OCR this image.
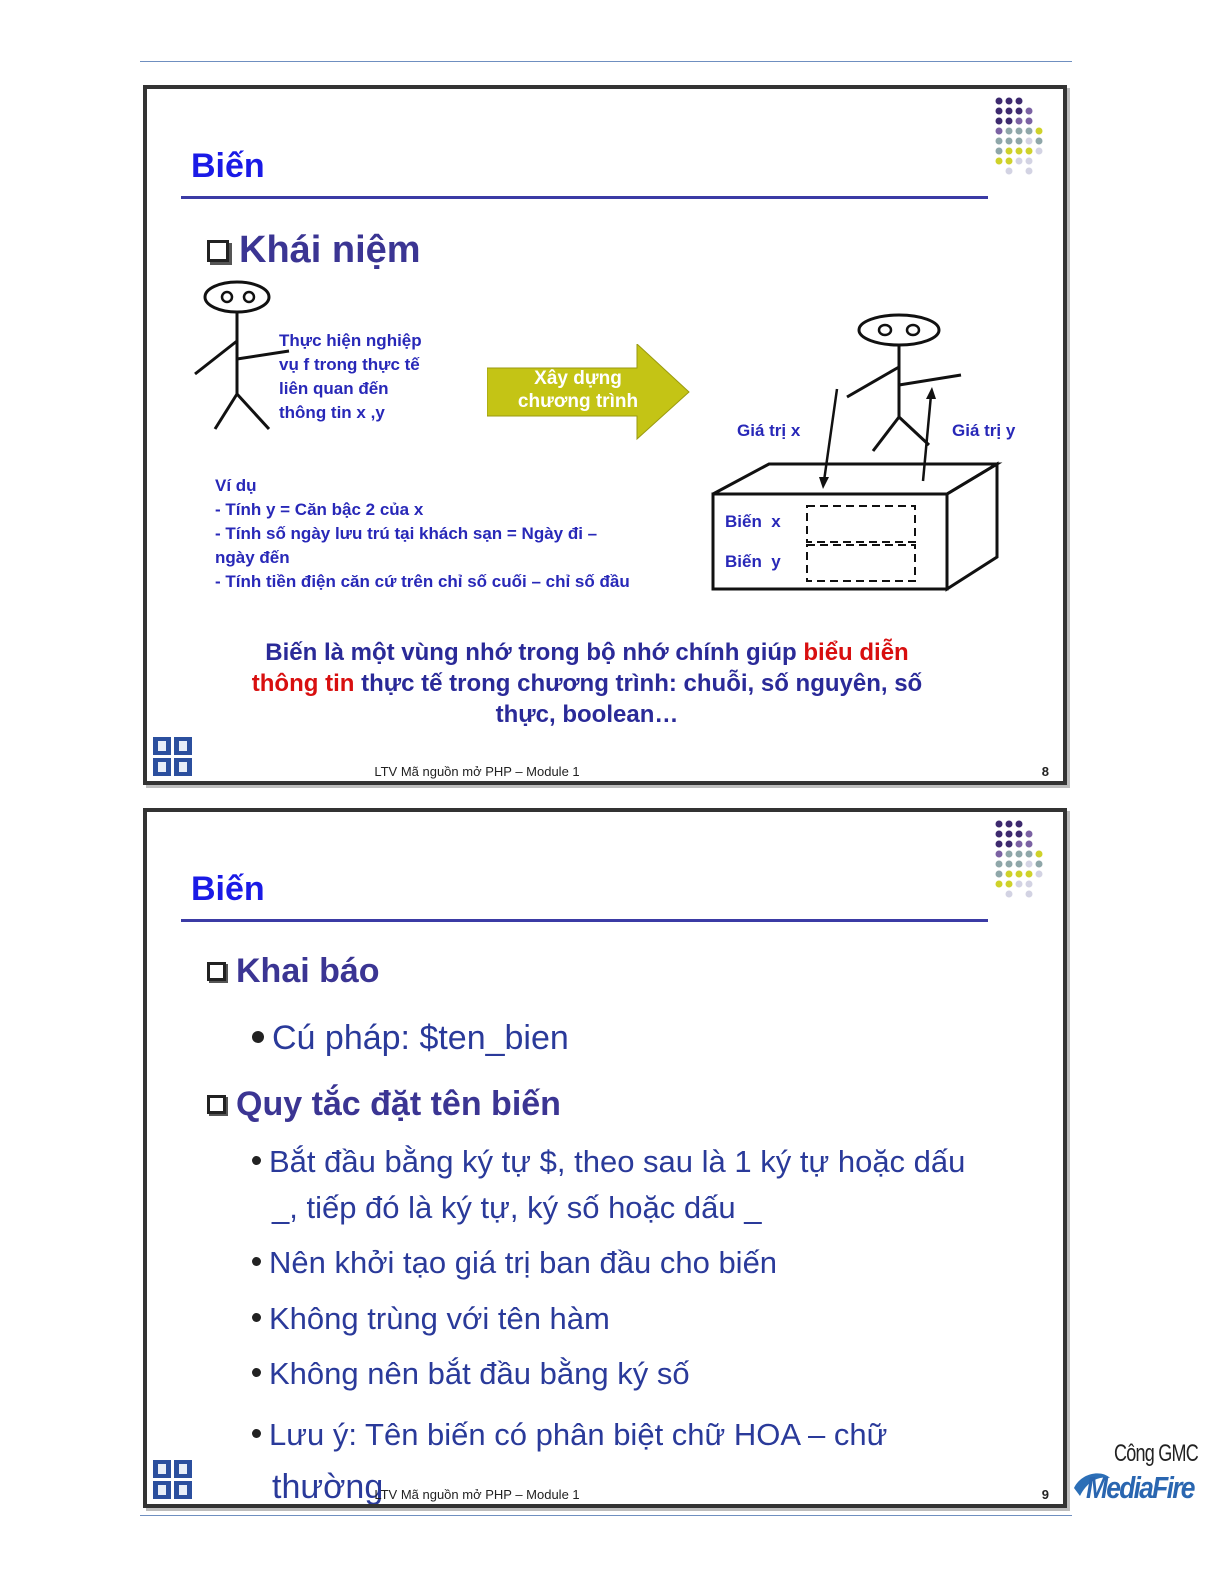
Biến
Khái niệm
Thực hiện nghiệp
vụ f trong thực tế
liên quan đến
thông tin x ,y
Xây dựng
chương trình
Giá trị x	Giá trị y
Biến  x
Biến  y
Ví dụ
- Tính y = Căn bậc 2 của x
- Tính số ngày lưu trú tại khách sạn = Ngày đi – ngày đến
- Tính tiền điện căn cứ trên chỉ số cuối – chỉ số đầu
Biến là một vùng nhớ trong bộ nhớ chính giúp biểu diễn thông tin thực tế trong chương trình: chuỗi, số nguyên, số thực, boolean…
LTV Mã nguồn mở PHP – Module 1	8
Biến
Khai báo
Cú pháp: $ten_bien
Quy tắc đặt tên biến
Bắt đầu bằng ký tự $, theo sau là 1 ký tự hoặc dấu
_, tiếp đó là ký tự, ký số hoặc dấu _
Nên khởi tạo giá trị ban đầu cho biến
Không trùng với tên hàm
Không nên bắt đầu bằng ký số
Lưu ý: Tên biến có phân biệt chữ HOA – chữ
thường
LTV Mã nguồn mở PHP – Module 1	9
Công GMC
MediaFire
